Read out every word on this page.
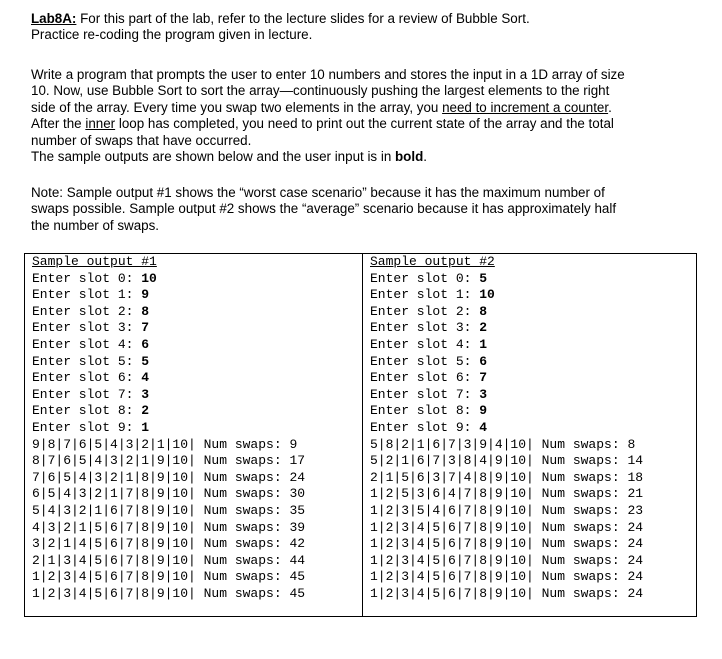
Lab8A: For this part of the lab, refer to the lecture slides for a review of Bubble Sort.
Practice re-coding the program given in lecture.
Write a program that prompts the user to enter 10 numbers and stores the input in a 1D array of size
10. Now, use Bubble Sort to sort the array—continuously pushing the largest elements to the right
side of the array. Every time you swap two elements in the array, you need to increment a counter.
After the inner loop has completed, you need to print out the current state of the array and the total
number of swaps that have occurred.
The sample outputs are shown below and the user input is in bold.
Note: Sample output #1 shows the “worst case scenario” because it has the maximum number of
swaps possible. Sample output #2 shows the “average” scenario because it has approximately half
the number of swaps.
Sample output #1
Enter slot 0: 10
Enter slot 1: 9
Enter slot 2: 8
Enter slot 3: 7
Enter slot 4: 6
Enter slot 5: 5
Enter slot 6: 4
Enter slot 7: 3
Enter slot 8: 2
Enter slot 9: 1
9|8|7|6|5|4|3|2|1|10| Num swaps: 9
8|7|6|5|4|3|2|1|9|10| Num swaps: 17
7|6|5|4|3|2|1|8|9|10| Num swaps: 24
6|5|4|3|2|1|7|8|9|10| Num swaps: 30
5|4|3|2|1|6|7|8|9|10| Num swaps: 35
4|3|2|1|5|6|7|8|9|10| Num swaps: 39
3|2|1|4|5|6|7|8|9|10| Num swaps: 42
2|1|3|4|5|6|7|8|9|10| Num swaps: 44
1|2|3|4|5|6|7|8|9|10| Num swaps: 45
1|2|3|4|5|6|7|8|9|10| Num swaps: 45
Sample output #2
Enter slot 0: 5
Enter slot 1: 10
Enter slot 2: 8
Enter slot 3: 2
Enter slot 4: 1
Enter slot 5: 6
Enter slot 6: 7
Enter slot 7: 3
Enter slot 8: 9
Enter slot 9: 4
5|8|2|1|6|7|3|9|4|10| Num swaps: 8
5|2|1|6|7|3|8|4|9|10| Num swaps: 14
2|1|5|6|3|7|4|8|9|10| Num swaps: 18
1|2|5|3|6|4|7|8|9|10| Num swaps: 21
1|2|3|5|4|6|7|8|9|10| Num swaps: 23
1|2|3|4|5|6|7|8|9|10| Num swaps: 24
1|2|3|4|5|6|7|8|9|10| Num swaps: 24
1|2|3|4|5|6|7|8|9|10| Num swaps: 24
1|2|3|4|5|6|7|8|9|10| Num swaps: 24
1|2|3|4|5|6|7|8|9|10| Num swaps: 24
